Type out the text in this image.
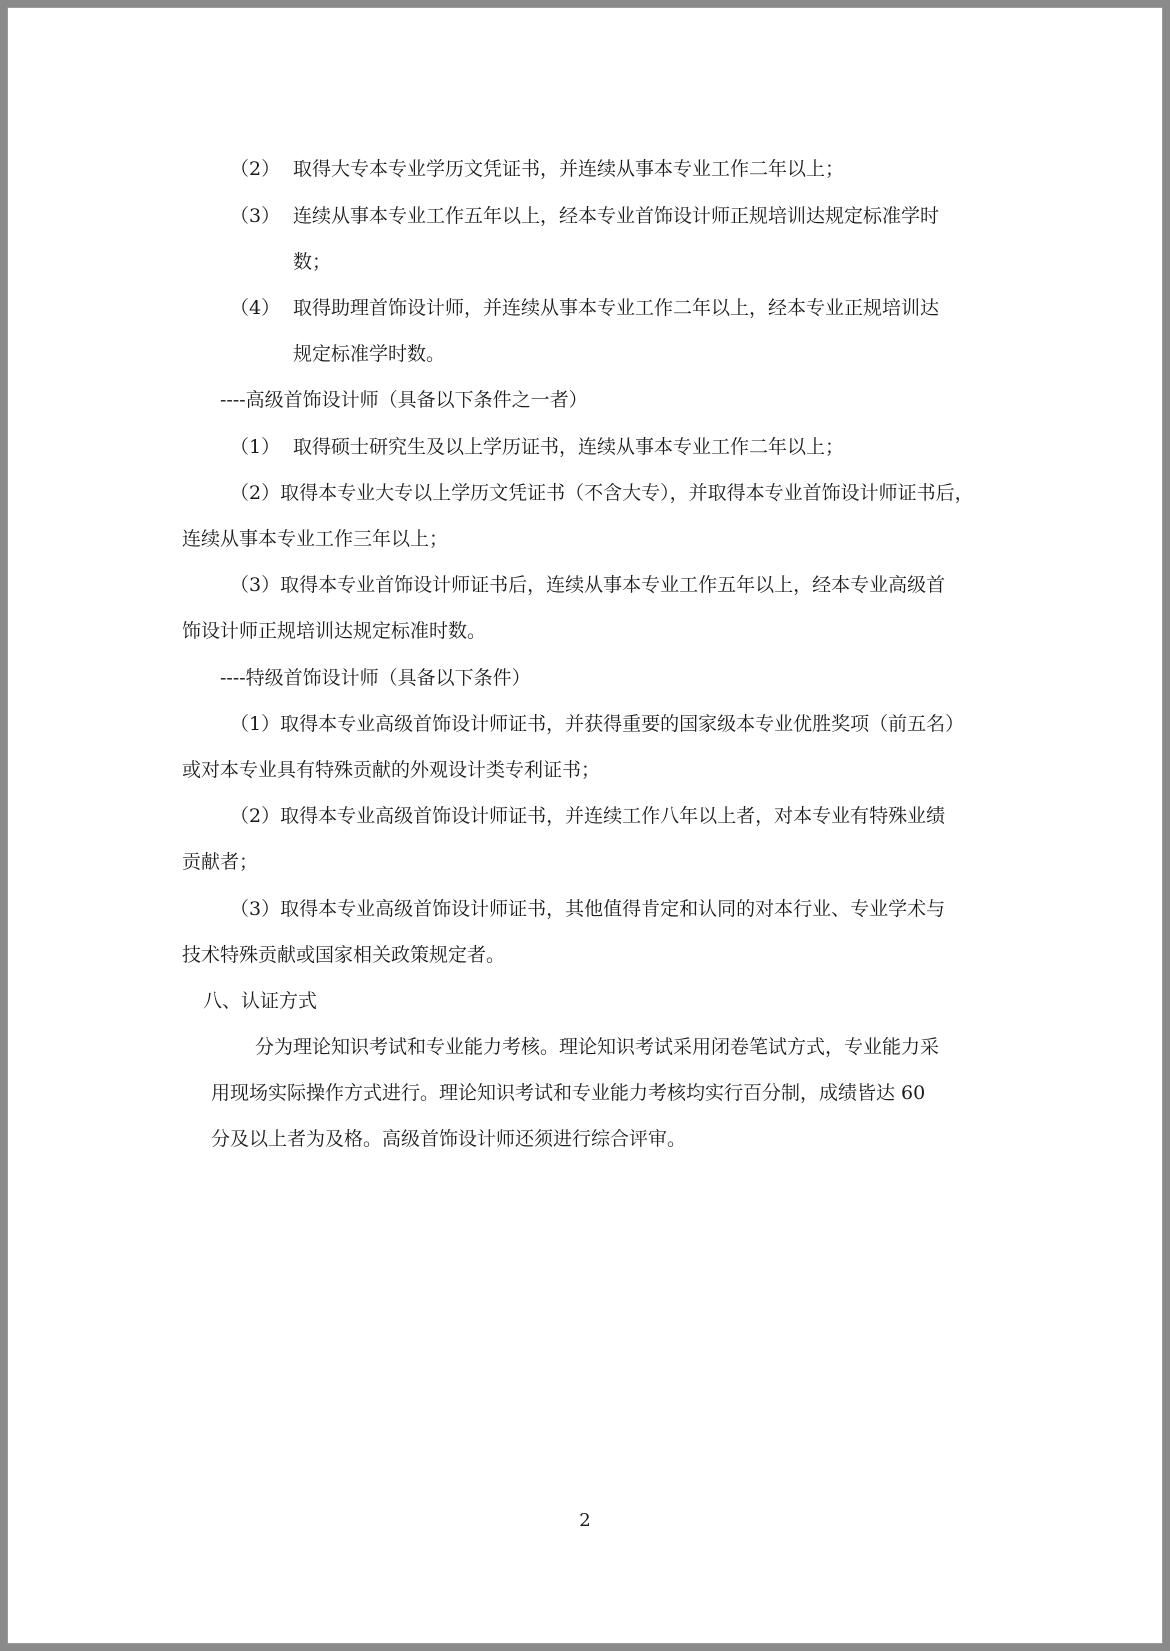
（2） 取得大专本专业学历文凭证书，并连续从事本专业工作二年以上；

（3） 连续从事本专业工作五年以上，经本专业首饰设计师正规培训达规定标准学时

数；

（4） 取得助理首饰设计师，并连续从事本专业工作二年以上，经本专业正规培训达

规定标准学时数。

----高级首饰设计师（具备以下条件之一者）

（1） 取得硕士研究生及以上学历证书，连续从事本专业工作二年以上；

（2）取得本专业大专以上学历文凭证书（不含大专），并取得本专业首饰设计师证书后，

连续从事本专业工作三年以上；

（3）取得本专业首饰设计师证书后，连续从事本专业工作五年以上，经本专业高级首

饰设计师正规培训达规定标准时数。

----特级首饰设计师（具备以下条件）

（1）取得本专业高级首饰设计师证书，并获得重要的国家级本专业优胜奖项（前五名）

或对本专业具有特殊贡献的外观设计类专利证书；

（2）取得本专业高级首饰设计师证书，并连续工作八年以上者，对本专业有特殊业绩

贡献者；

（3）取得本专业高级首饰设计师证书，其他值得肯定和认同的对本行业、专业学术与

技术特殊贡献或国家相关政策规定者。

八、认证方式

分为理论知识考试和专业能力考核。理论知识考试采用闭卷笔试方式，专业能力采

用现场实际操作方式进行。理论知识考试和专业能力考核均实行百分制，成绩皆达 60

分及以上者为及格。高级首饰设计师还须进行综合评审。

2
